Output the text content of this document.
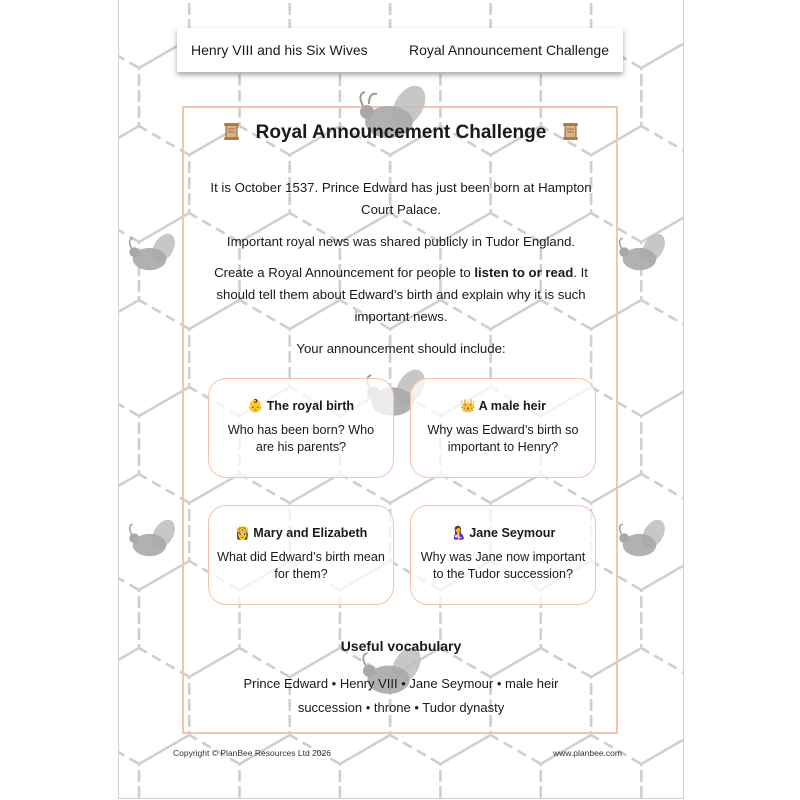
Henry VIII and his Six Wives	Royal Announcement Challenge
Royal Announcement Challenge
It is October 1537. Prince Edward has just been born at Hampton Court Palace.
Important royal news was shared publicly in Tudor England.
Create a Royal Announcement for people to listen to or read. It should tell them about Edward’s birth and explain why it is such important news.
Your announcement should include:
👶 The royal birth
Who has been born? Who are his parents?
👑 A male heir
Why was Edward’s birth so important to Henry?
👸 Mary and Elizabeth
What did Edward’s birth mean for them?
🤱 Jane Seymour
Why was Jane now important to the Tudor succession?
Useful vocabulary
Prince Edward • Henry VIII • Jane Seymour • male heir
succession • throne • Tudor dynasty
Copyright © PlanBee Resources Ltd 2026	www.planbee.com
